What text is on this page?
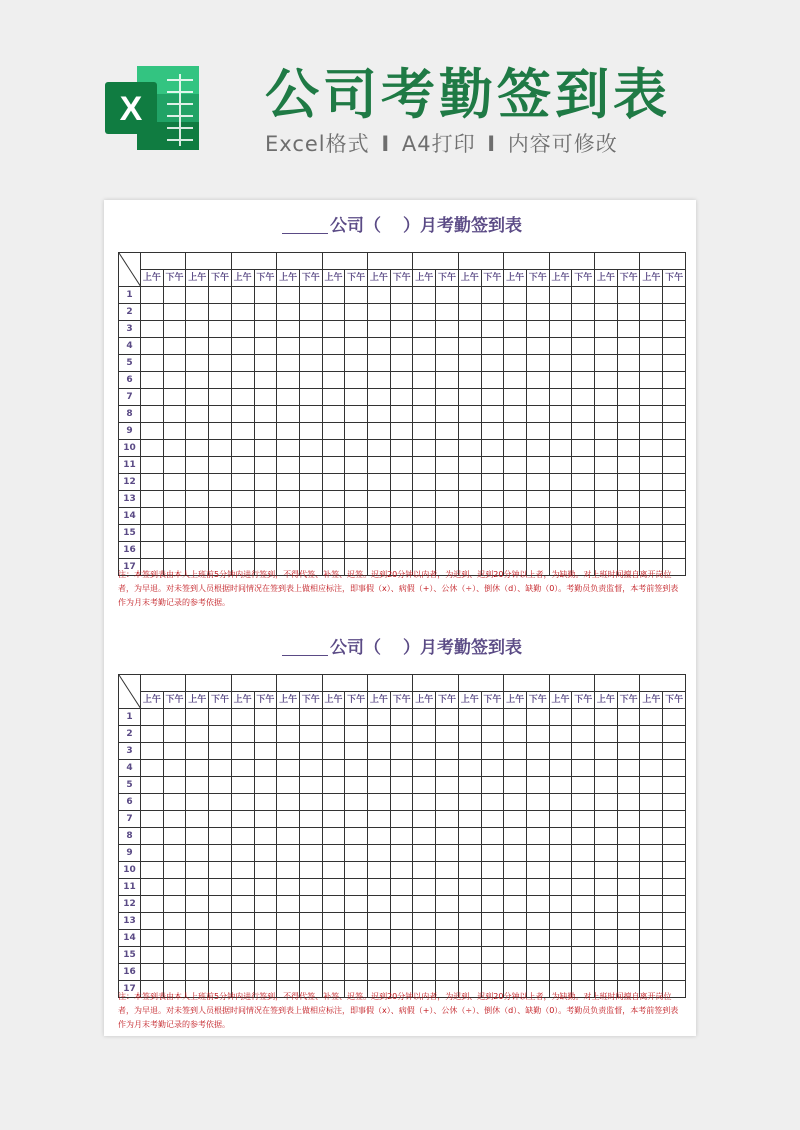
X 公司考勤签到表
Excel格式 I A4打印 I 内容可修改
公司（ ）月考勤签到表

	上午	下午	上午	下午	上午	下午	上午	下午	上午	下午	上午	下午	上午	下午	上午	下午	上午	下午	上午	下午	上午	下午	上午	下午
1																								
2																								
3																								
4																								
5																								
6																								
7																								
8																								
9																								
10																								
11																								
12																								
13																								
14																								
15																								
16																								
17																								
注：本签到表由本人上班前5分钟内进行签到，不得代签、补签、迟签。迟到20分钟以内者，为迟到、迟到20分钟以上者，为缺勤。对上班时间擅自离开岗位者，为早退。对未签到人员根据时间情况在签到表上做相应标注，即事假（x）、病假（+）、公休（÷）、倒休（d）、缺勤（0）。考勤员负责监督，本考前签到表作为月末考勤记录的参考依据。
公司（ ）月考勤签到表

	上午	下午	上午	下午	上午	下午	上午	下午	上午	下午	上午	下午	上午	下午	上午	下午	上午	下午	上午	下午	上午	下午	上午	下午
1																								
2																								
3																								
4																								
5																								
6																								
7																								
8																								
9																								
10																								
11																								
12																								
13																								
14																								
15																								
16																								
17																								
注：本签到表由本人上班前5分钟内进行签到，不得代签、补签、迟签。迟到20分钟以内者，为迟到、迟到20分钟以上者，为缺勤。对上班时间擅自离开岗位者，为早退。对未签到人员根据时间情况在签到表上做相应标注，即事假（x）、病假（+）、公休（÷）、倒休（d）、缺勤（0）。考勤员负责监督，本考前签到表作为月末考勤记录的参考依据。
